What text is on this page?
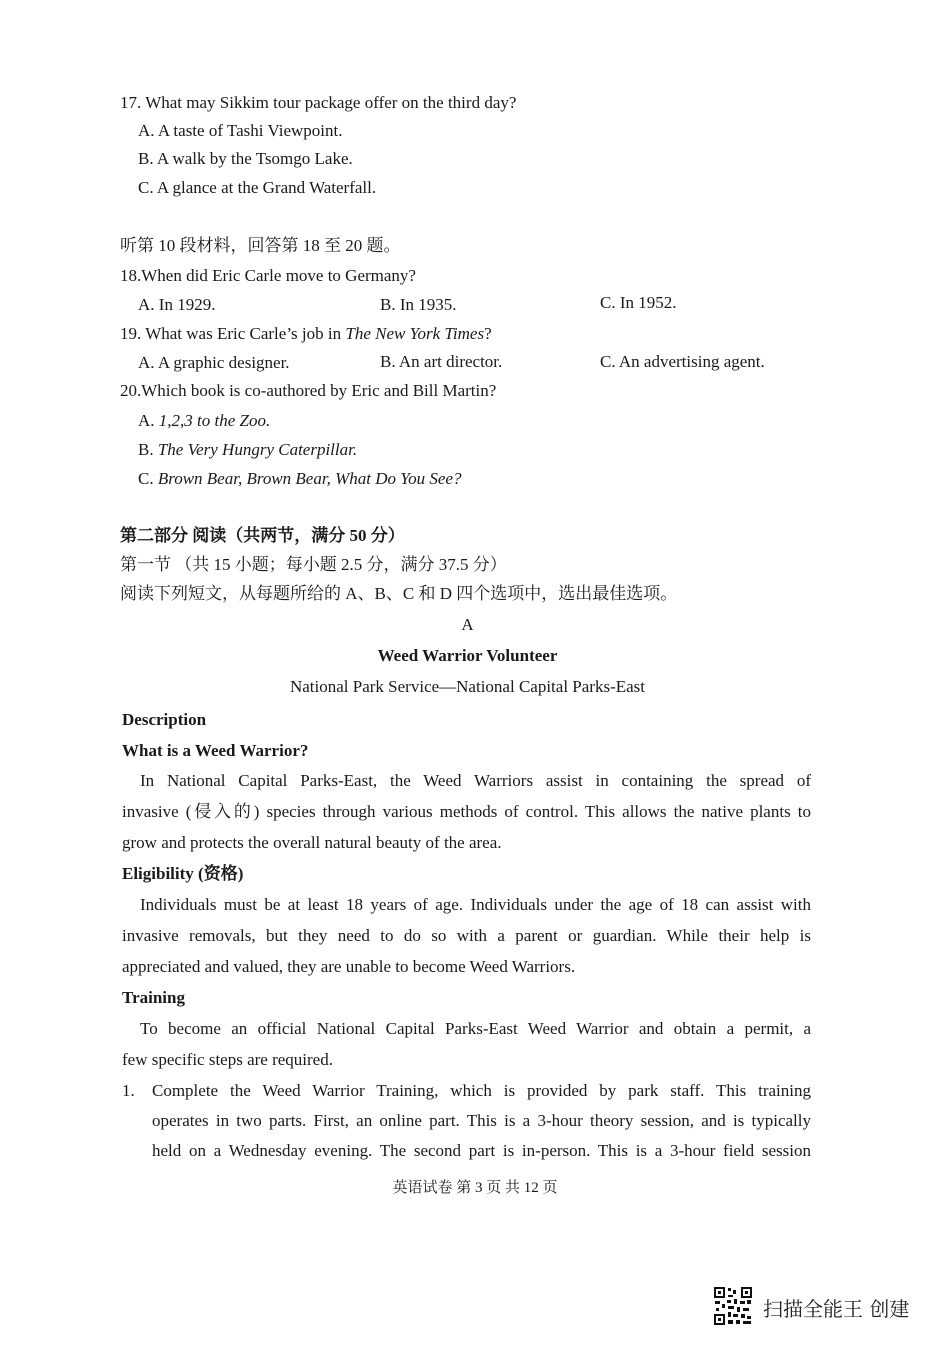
17. What may Sikkim tour package offer on the third day?
A. A taste of Tashi Viewpoint.
B. A walk by the Tsomgo Lake.
C. A glance at the Grand Waterfall.
听第 10 段材料，回答第 18 至 20 题。
18.When did Eric Carle move to Germany?
A. In 1929.	B. In 1935.	C. In 1952.
19. What was Eric Carle’s job in The New York Times?
A. A graphic designer.	B. An art director.	C. An advertising agent.
20.Which book is co-authored by Eric and Bill Martin?
A. 1,2,3 to the Zoo.
B. The Very Hungry Caterpillar.
C. Brown Bear, Brown Bear, What Do You See?
第二部分 阅读（共两节，满分 50 分）
第一节 （共 15 小题；每小题 2.5 分，满分 37.5 分）
阅读下列短文，从每题所给的 A、B、C 和 D 四个选项中，选出最佳选项。
A
Weed Warrior Volunteer
National Park Service—National Capital Parks-East
Description
What is a Weed Warrior?
In National Capital Parks-East, the Weed Warriors assist in containing the spread of
invasive (侵入的) species through various methods of control. This allows the native plants to
grow and protects the overall natural beauty of the area.
Eligibility (资格)
Individuals must be at least 18 years of age. Individuals under the age of 18 can assist with
invasive removals, but they need to do so with a parent or guardian. While their help is
appreciated and valued, they are unable to become Weed Warriors.
Training
To become an official National Capital Parks-East Weed Warrior and obtain a permit, a
few specific steps are required.
1. Complete the Weed Warrior Training, which is provided by park staff. This training
operates in two parts. First, an online part. This is a 3-hour theory session, and is typically
held on a Wednesday evening. The second part is in-person. This is a 3-hour field session
英语试卷 第 3 页 共 12 页
扫描全能王 创建
